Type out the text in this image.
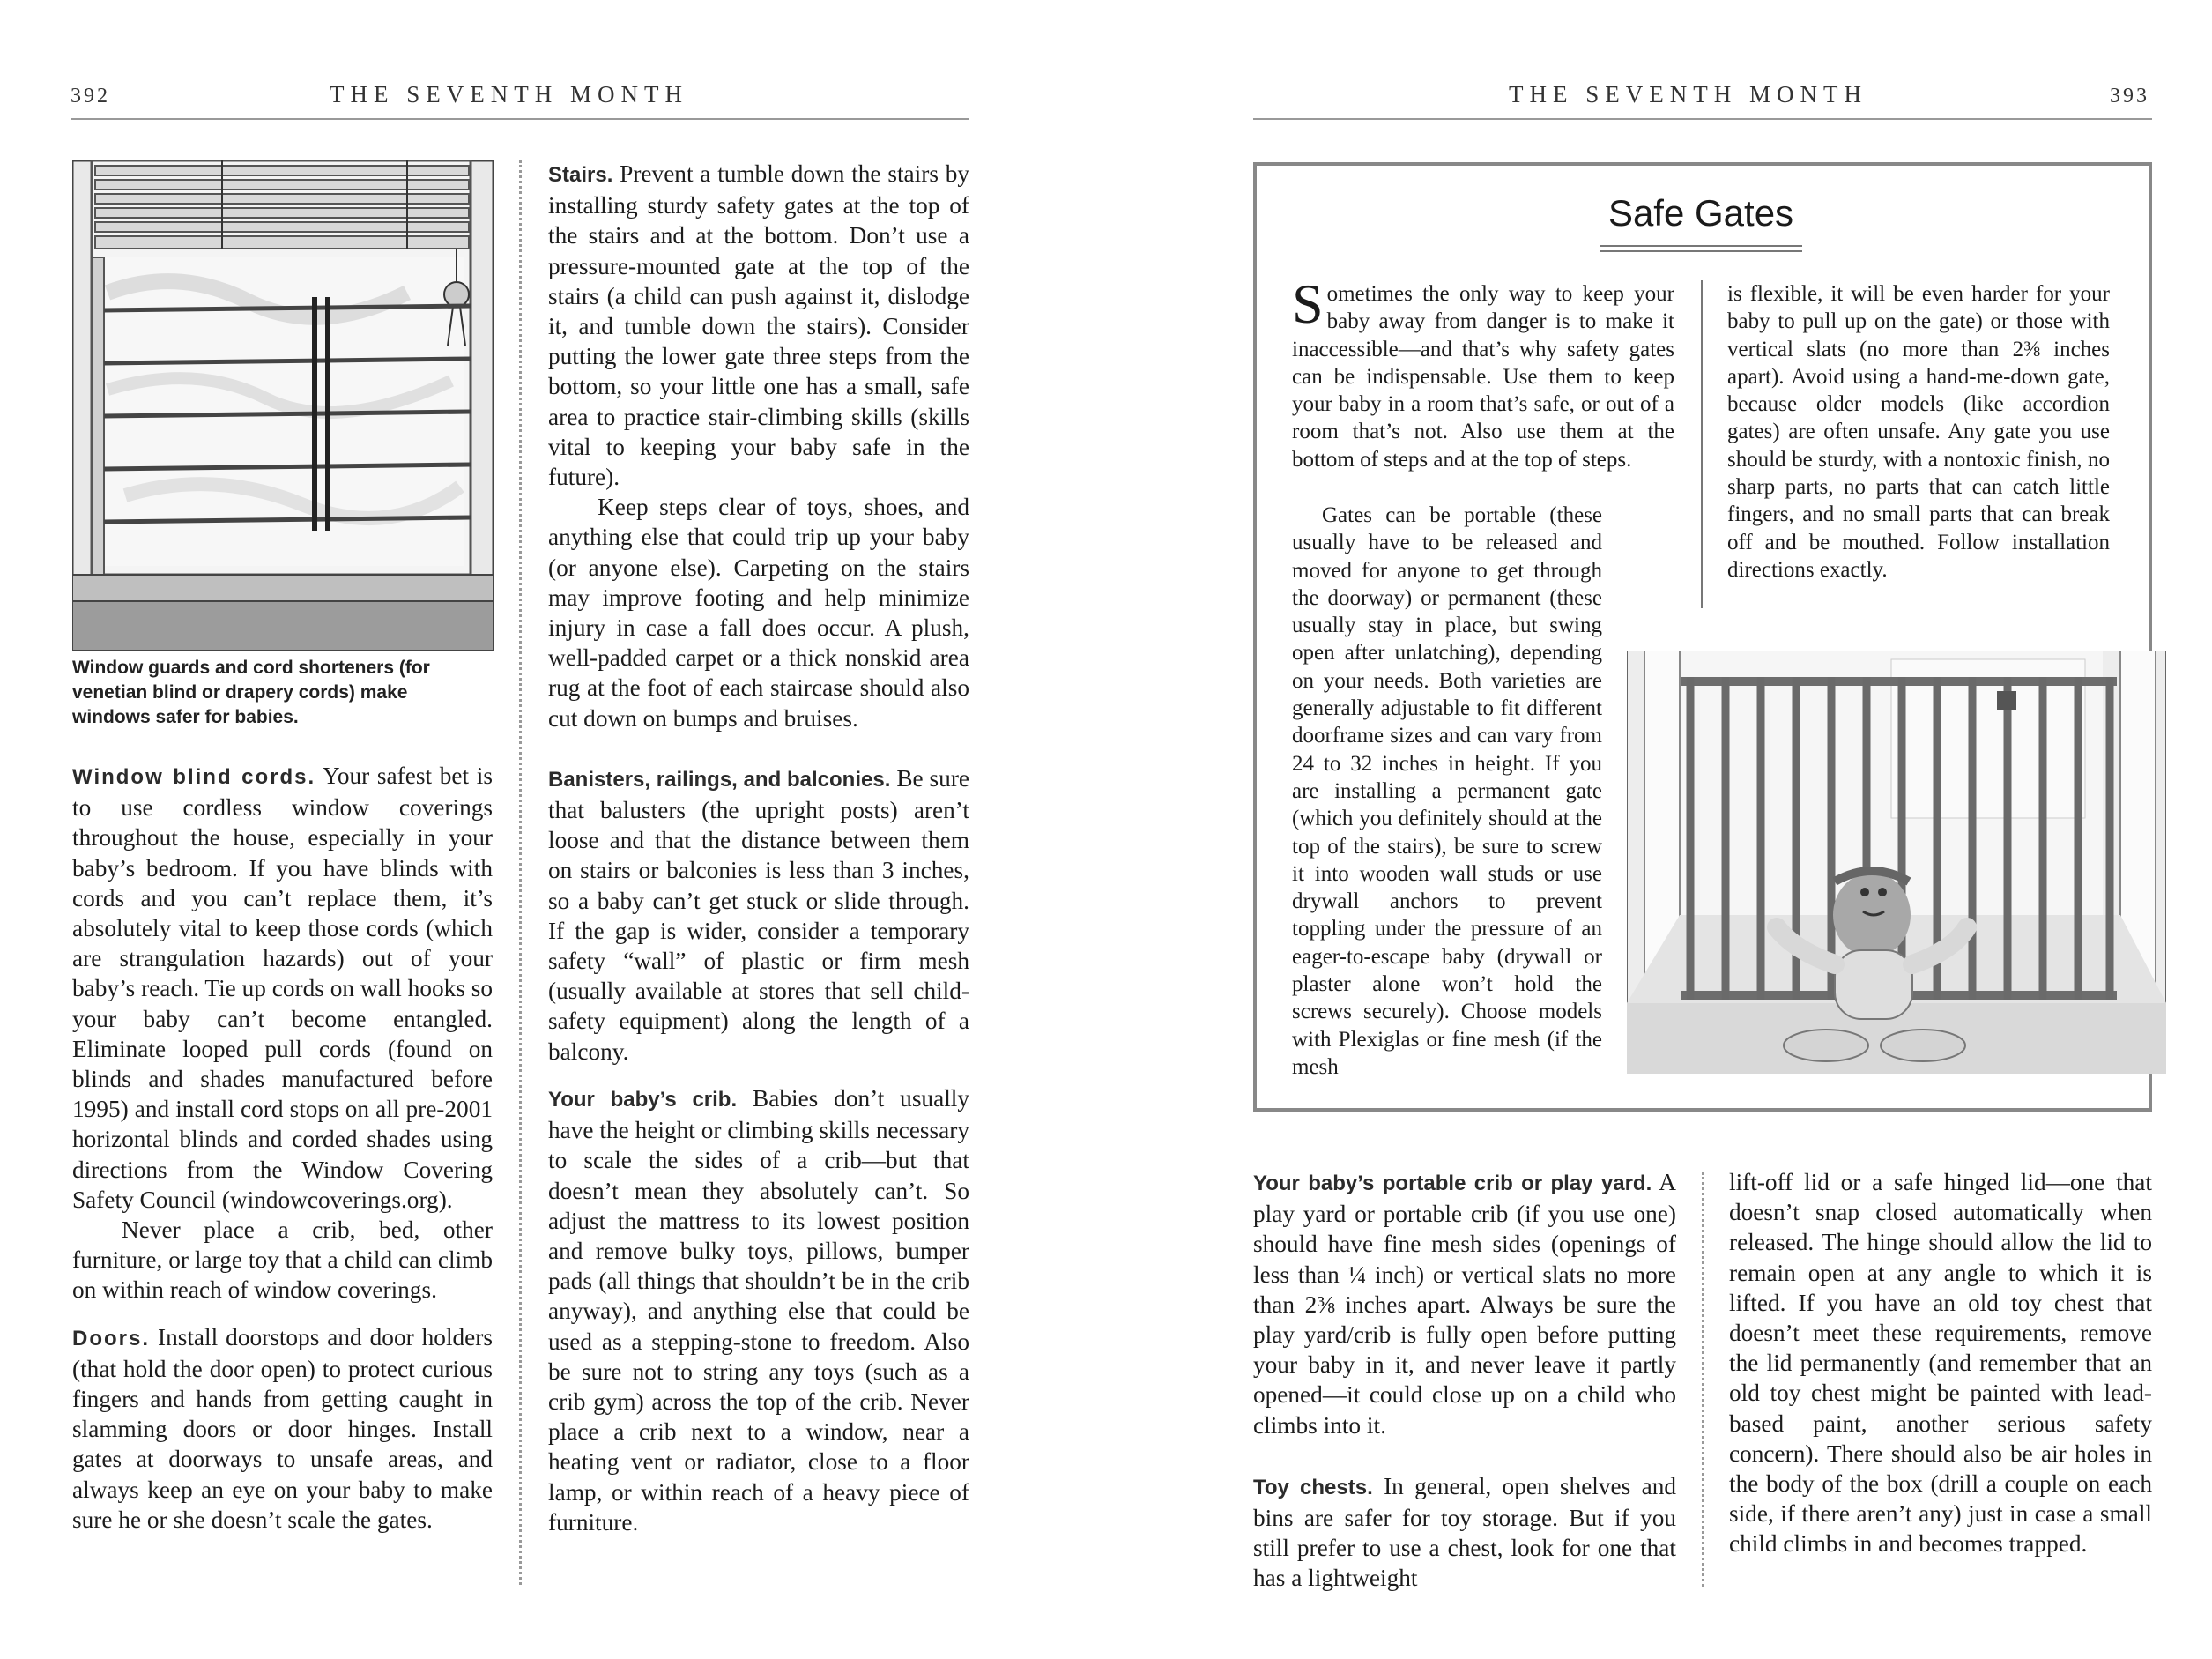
392	THE SEVENTH MONTH
Window guards and cord shorteners (for venetian blind or drapery cords) make windows safer for babies.

Window blind cords. Your safest bet is to use cordless window coverings throughout the house, especially in your baby’s bedroom. If you have blinds with cords and you can’t replace them, it’s absolutely vital to keep those cords (which are strangulation hazards) out of your baby’s reach. Tie up cords on wall hooks so your baby can’t become entangled. Eliminate looped pull cords (found on blinds and shades manufactured before 1995) and install cord stops on all pre-2001 horizontal blinds and corded shades using directions from the Window Covering Safety Council (windowcoverings.org).

Never place a crib, bed, other furniture, or large toy that a child can climb on within reach of window coverings.

Doors. Install doorstops and door holders (that hold the door open) to protect curious fingers and hands from getting caught in slamming doors or door hinges. Install gates at doorways to unsafe areas, and always keep an eye on your baby to make sure he or she doesn’t scale the gates.

Stairs. Prevent a tumble down the stairs by installing sturdy safety gates at the top of the stairs and at the bottom. Don’t use a pressure-mounted gate at the top of the stairs (a child can push against it, dislodge it, and tumble down the stairs). Consider putting the lower gate three steps from the bottom, so your little one has a small, safe area to practice stair-climbing skills (skills vital to keeping your baby safe in the future).

Keep steps clear of toys, shoes, and anything else that could trip up your baby (or anyone else). Carpeting on the stairs may improve footing and help minimize injury in case a fall does occur. A plush, well-padded carpet or a thick nonskid area rug at the foot of each staircase should also cut down on bumps and bruises.

Banisters, railings, and balconies. Be sure that balusters (the upright posts) aren’t loose and that the distance between them on stairs or balconies is less than 3 inches, so a baby can’t get stuck or slide through. If the gap is wider, consider a temporary safety “wall” of plastic or firm mesh (usually available at stores that sell child-safety equipment) along the length of a balcony.

Your baby’s crib. Babies don’t usually have the height or climbing skills necessary to scale the sides of a crib—but that doesn’t mean they absolutely can’t. So adjust the mattress to its lowest position and remove bulky toys, pillows, bumper pads (all things that shouldn’t be in the crib anyway), and anything else that could be used as a stepping-stone to freedom. Also be sure not to string any toys (such as a crib gym) across the top of the crib. Never place a crib next to a window, near a heating vent or radiator, close to a floor lamp, or within reach of a heavy piece of furniture.

THE SEVENTH MONTH	393
Safe Gates

Sometimes the only way to keep your baby away from danger is to make it inaccessible—and that’s why safety gates can be indispensable. Use them to keep your baby in a room that’s safe, or out of a room that’s not. Also use them at the bottom of steps and at the top of steps.

Gates can be portable (these usually have to be released and moved for anyone to get through the doorway) or permanent (these usually stay in place, but swing open after unlatching), depending on your needs. Both varieties are generally adjustable to fit different doorframe sizes and can vary from 24 to 32 inches in height. If you are installing a permanent gate (which you definitely should at the top of the stairs), be sure to screw it into wooden wall studs or use drywall anchors to prevent toppling under the pressure of an eager-to-escape baby (drywall or plaster alone won’t hold the screws securely). Choose models with Plexiglas or fine mesh (if the mesh

is flexible, it will be even harder for your baby to pull up on the gate) or those with vertical slats (no more than 2⅜ inches apart). Avoid using a hand-me-down gate, because older models (like accordion gates) are often unsafe. Any gate you use should be sturdy, with a nontoxic finish, no sharp parts, no parts that can catch little fingers, and no small parts that can break off and be mouthed. Follow installation directions exactly.

Your baby’s portable crib or play yard. A play yard or portable crib (if you use one) should have fine mesh sides (openings of less than ¼ inch) or vertical slats no more than 2⅜ inches apart. Always be sure the play yard/crib is fully open before putting your baby in it, and never leave it partly opened—it could close up on a child who climbs into it.

Toy chests. In general, open shelves and bins are safer for toy storage. But if you still prefer to use a chest, look for one that has a lightweight

lift-off lid or a safe hinged lid—one that doesn’t snap closed automatically when released. The hinge should allow the lid to remain open at any angle to which it is lifted. If you have an old toy chest that doesn’t meet these requirements, remove the lid permanently (and remember that an old toy chest might be painted with lead-based paint, another serious safety concern). There should also be air holes in the body of the box (drill a couple on each side, if there aren’t any) just in case a small child climbs in and becomes trapped.
